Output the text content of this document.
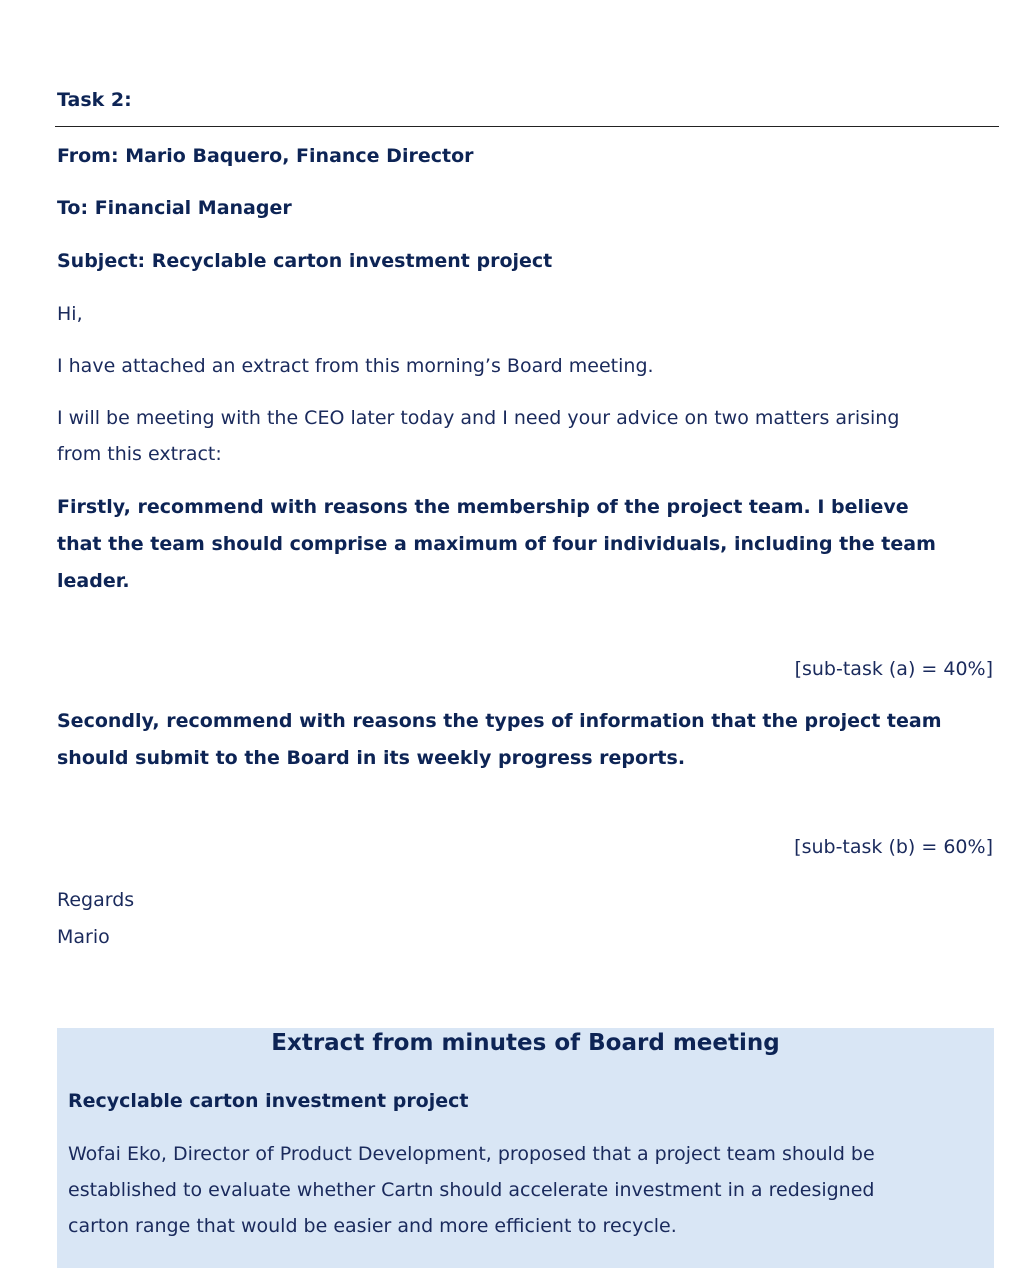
Task 2:
From: Mario Baquero, Finance Director
To: Financial Manager
Subject: Recyclable carton investment project
Hi,
I have attached an extract from this morning’s Board meeting.
I will be meeting with the CEO later today and I need your advice on two matters arising
from this extract:
Firstly, recommend with reasons the membership of the project team. I believe
that the team should comprise a maximum of four individuals, including the team
leader.
[sub-task (a) = 40%]
Secondly, recommend with reasons the types of information that the project team
should submit to the Board in its weekly progress reports.
[sub-task (b) = 60%]
Regards
Mario
Extract from minutes of Board meeting
Recyclable carton investment project
Wofai Eko, Director of Product Development, proposed that a project team should be
established to evaluate whether Cartn should accelerate investment in a redesigned
carton range that would be easier and more efficient to recycle.
